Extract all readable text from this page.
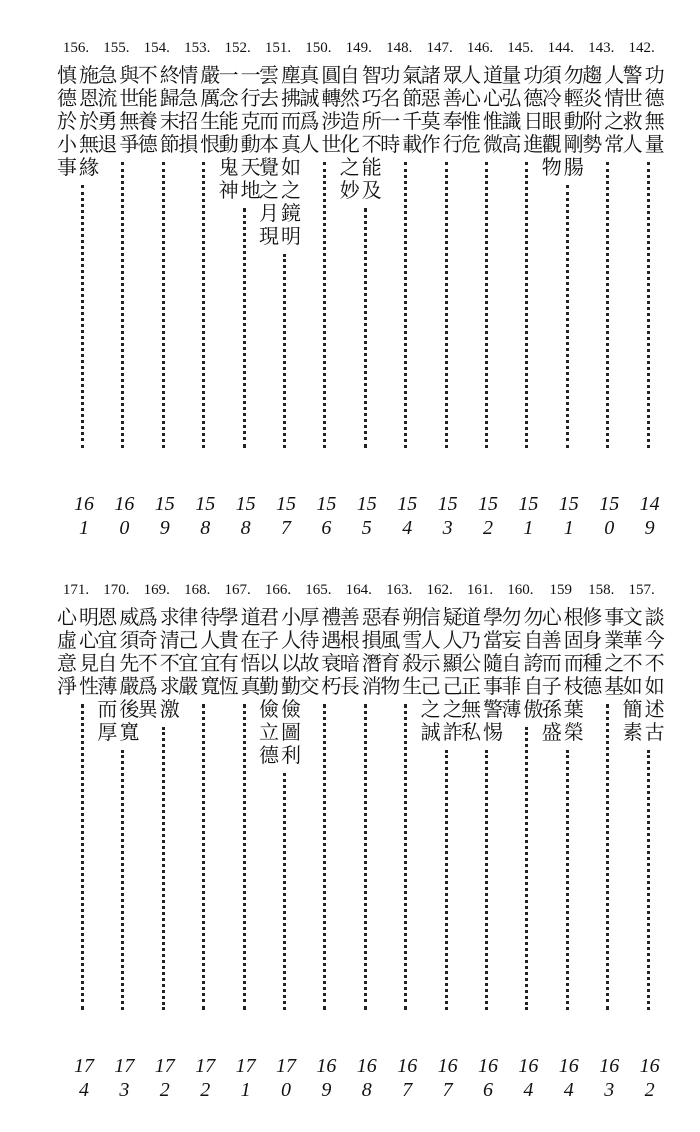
142.
警世救人
功德無量
149
143.
趨炎附勢
人情之常
150
144.
須冷眼觀物
勿輕動剛腸
151
145.
量弘識高
功德日進
151
146.
人心惟危
道心惟微
152
147.
諸惡莫作
眾善奉行
153
148.
功名一時
氣節千載
154
149.
自然造化之妙
智巧所不能及
155
150.
真誠爲人
圓轉涉世
156
151.
雲去而本覺之月現
塵拂而真如之鏡明
157
152.
一念能動鬼神
一行克動天地
158
153.
情急招損
嚴厲生恨
158
154.
不能養德
終歸末節
159
155.
急流勇退
與世無爭
160
156.
慎德於小事
施恩於無緣
161
157.
文華不如簡素
談今不如述古
162
158.
修身種德
事業之基
163
159
心善而子孫盛
根固而枝葉榮
164
160.
勿妄自菲薄
勿自誇自傲
164
161.
道乃公正無私
學當隨事警惕
166
162.
信人示己之誠
疑人顯己之詐
167
163.
春風育物
朔雪殺生
167
164.
善根暗長
惡損潛消
168
165.
厚待故交
禮遇衰朽
169
166.
君子以勤儉立德
小人以勤儉圖利
170
167.
學貴有恆
道在悟真
171
168.
律己宜嚴
待人宜寬
172
169.
爲奇不爲異
求清不求激
172
170.
恩宜自薄而厚
威須先嚴後寬
173
171.
心虛意淨
明心見性
174
